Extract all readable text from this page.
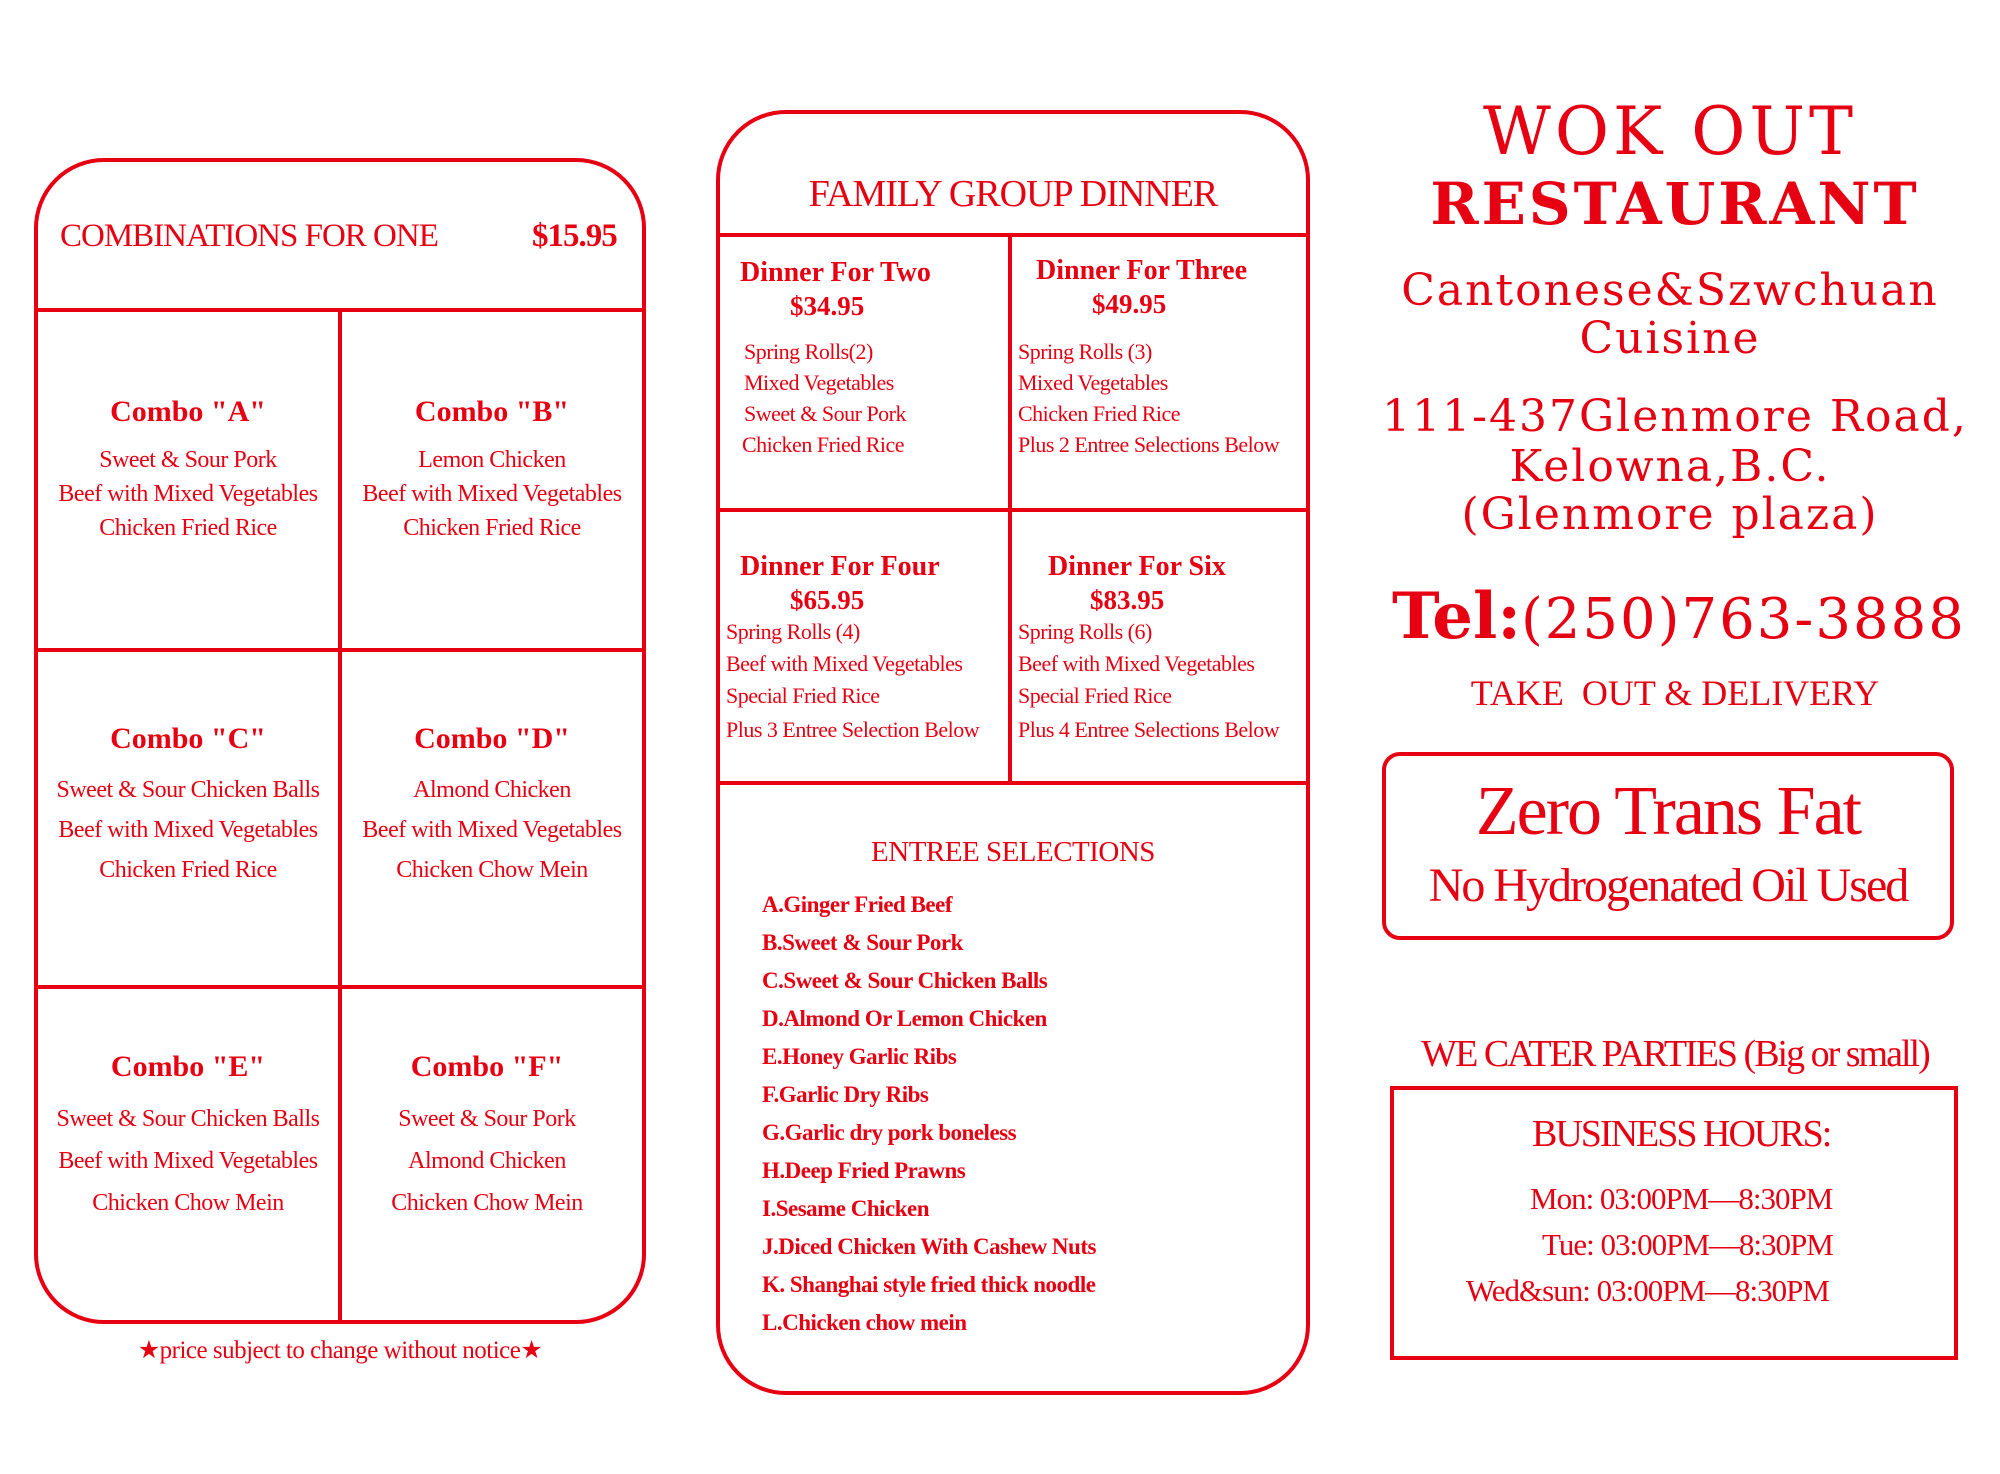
COMBINATIONS FOR ONE	$15.95
Combo "A"
Sweet & Sour Pork
Beef with Mixed Vegetables
Chicken Fried Rice
Combo "B"
Lemon Chicken
Beef with Mixed Vegetables
Chicken Fried Rice
Combo "C"
Sweet & Sour Chicken Balls
Beef with Mixed Vegetables
Chicken Fried Rice
Combo "D"
Almond Chicken
Beef with Mixed Vegetables
Chicken Chow Mein
Combo "E"
Sweet & Sour Chicken Balls
Beef with Mixed Vegetables
Chicken Chow Mein
Combo "F"
Sweet & Sour Pork
Almond Chicken
Chicken Chow Mein
★price subject to change without notice★
FAMILY GROUP DINNER
Dinner For Two
$34.95
Spring Rolls(2)
Mixed Vegetables
Sweet & Sour Pork
Chicken Fried Rice
Dinner For Three
$49.95
Spring Rolls (3)
Mixed Vegetables
Chicken Fried Rice
Plus 2 Entree Selections Below
Dinner For Four
$65.95
Spring Rolls (4)
Beef with Mixed Vegetables
Special Fried Rice
Plus 3 Entree Selection Below
Dinner For Six
$83.95
Spring Rolls (6)
Beef with Mixed Vegetables
Special Fried Rice
Plus 4 Entree Selections Below
ENTREE SELECTIONS
A.Ginger Fried Beef
B.Sweet & Sour Pork
C.Sweet & Sour Chicken Balls
D.Almond Or Lemon Chicken
E.Honey Garlic Ribs
F.Garlic Dry Ribs
G.Garlic dry pork boneless
H.Deep Fried Prawns
I.Sesame Chicken
J.Diced Chicken With Cashew Nuts
K. Shanghai style fried thick noodle
L.Chicken chow mein
WOK OUT
RESTAURANT
Cantonese&Szwchuan
Cuisine
111-437Glenmore Road,
Kelowna,B.C.
(Glenmore plaza)
Tel:(250)763-3888
TAKE  OUT & DELIVERY
Zero Trans Fat
No Hydrogenated Oil Used
WE CATER PARTIES (Big or small)
BUSINESS HOURS:
Mon: 03:00PM—8:30PM
Tue: 03:00PM—8:30PM
Wed&sun: 03:00PM—8:30PM
